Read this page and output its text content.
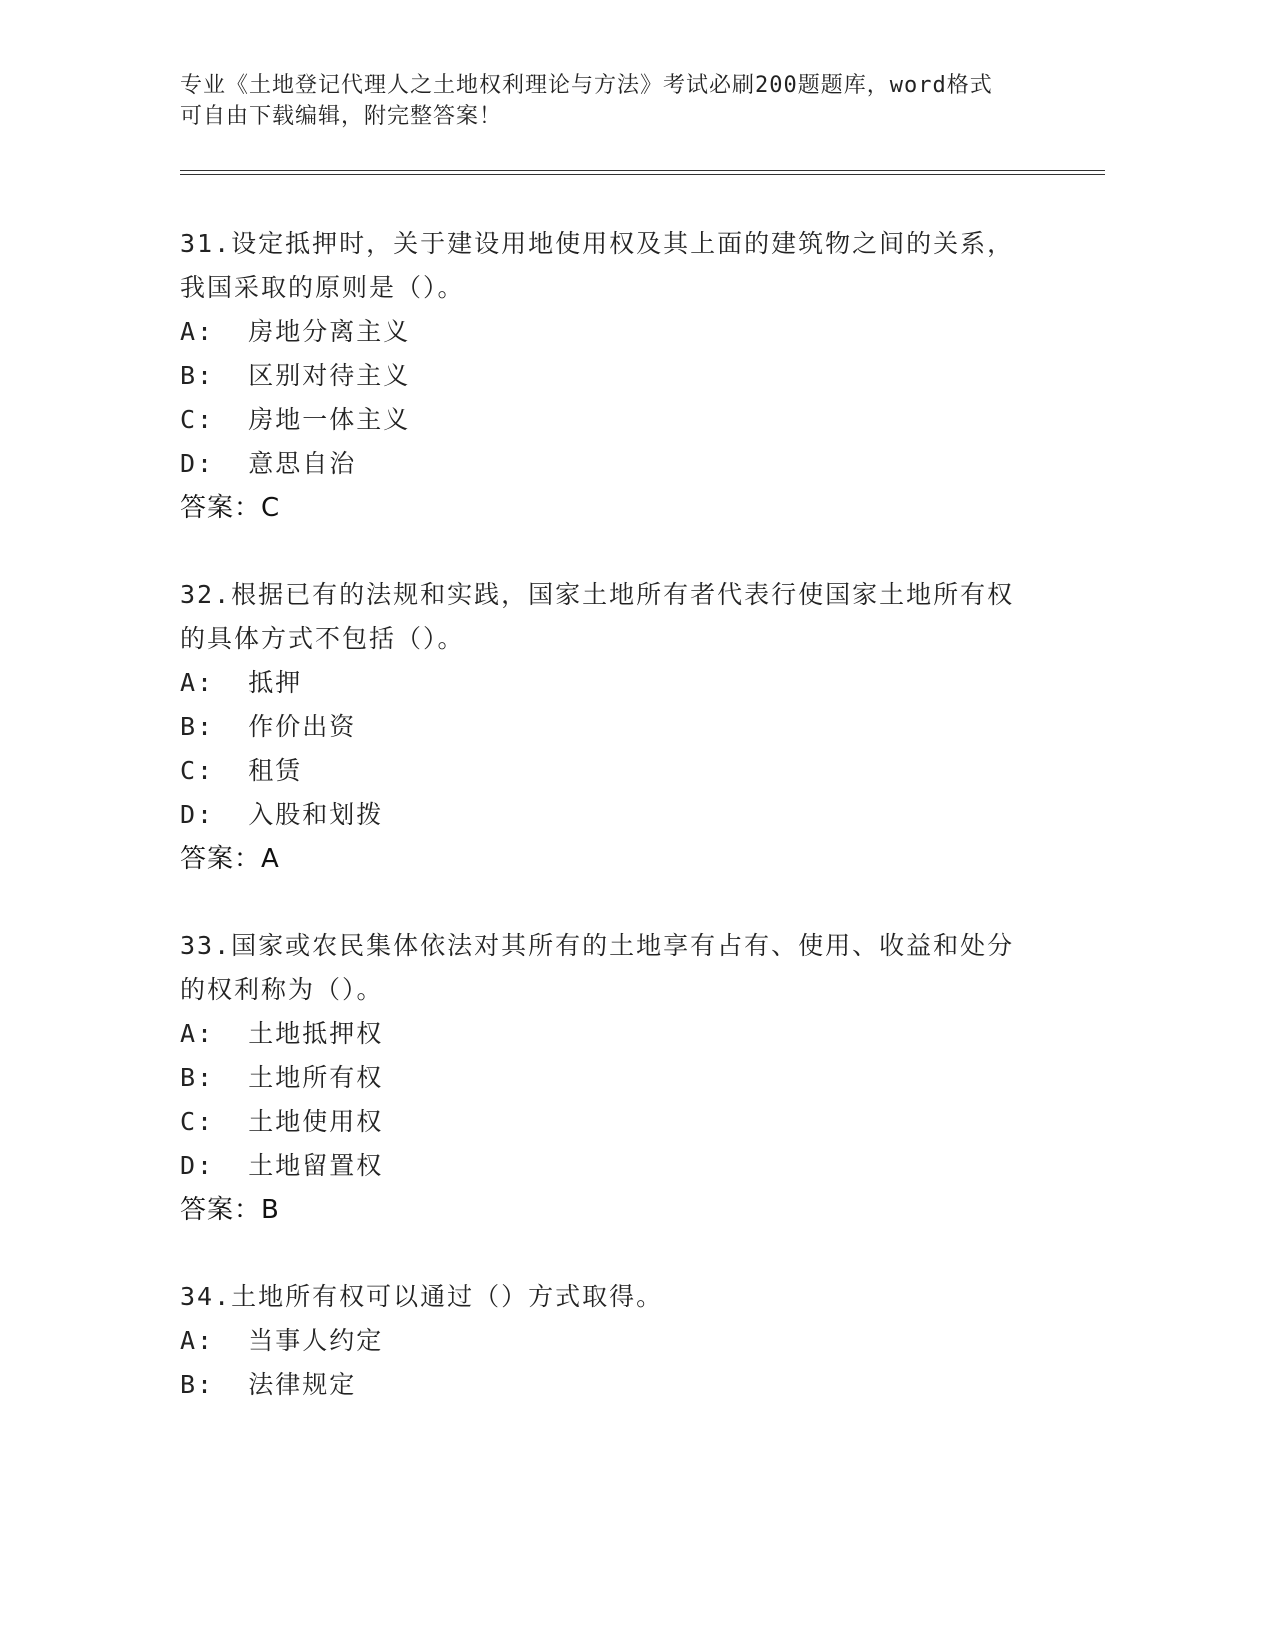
专业《土地登记代理人之土地权利理论与方法》考试必刷200题题库，word格式
可自由下载编辑，附完整答案！
31.设定抵押时，关于建设用地使用权及其上面的建筑物之间的关系，
我国采取的原则是（）。
A:  房地分离主义
B:  区别对待主义
C:  房地一体主义
D:  意思自治
答案：C
32.根据已有的法规和实践，国家土地所有者代表行使国家土地所有权
的具体方式不包括（）。
A:  抵押
B:  作价出资
C:  租赁
D:  入股和划拨
答案：A
33.国家或农民集体依法对其所有的土地享有占有、使用、收益和处分
的权利称为（）。
A:  土地抵押权
B:  土地所有权
C:  土地使用权
D:  土地留置权
答案：B
34.土地所有权可以通过（）方式取得。
A:  当事人约定
B:  法律规定
